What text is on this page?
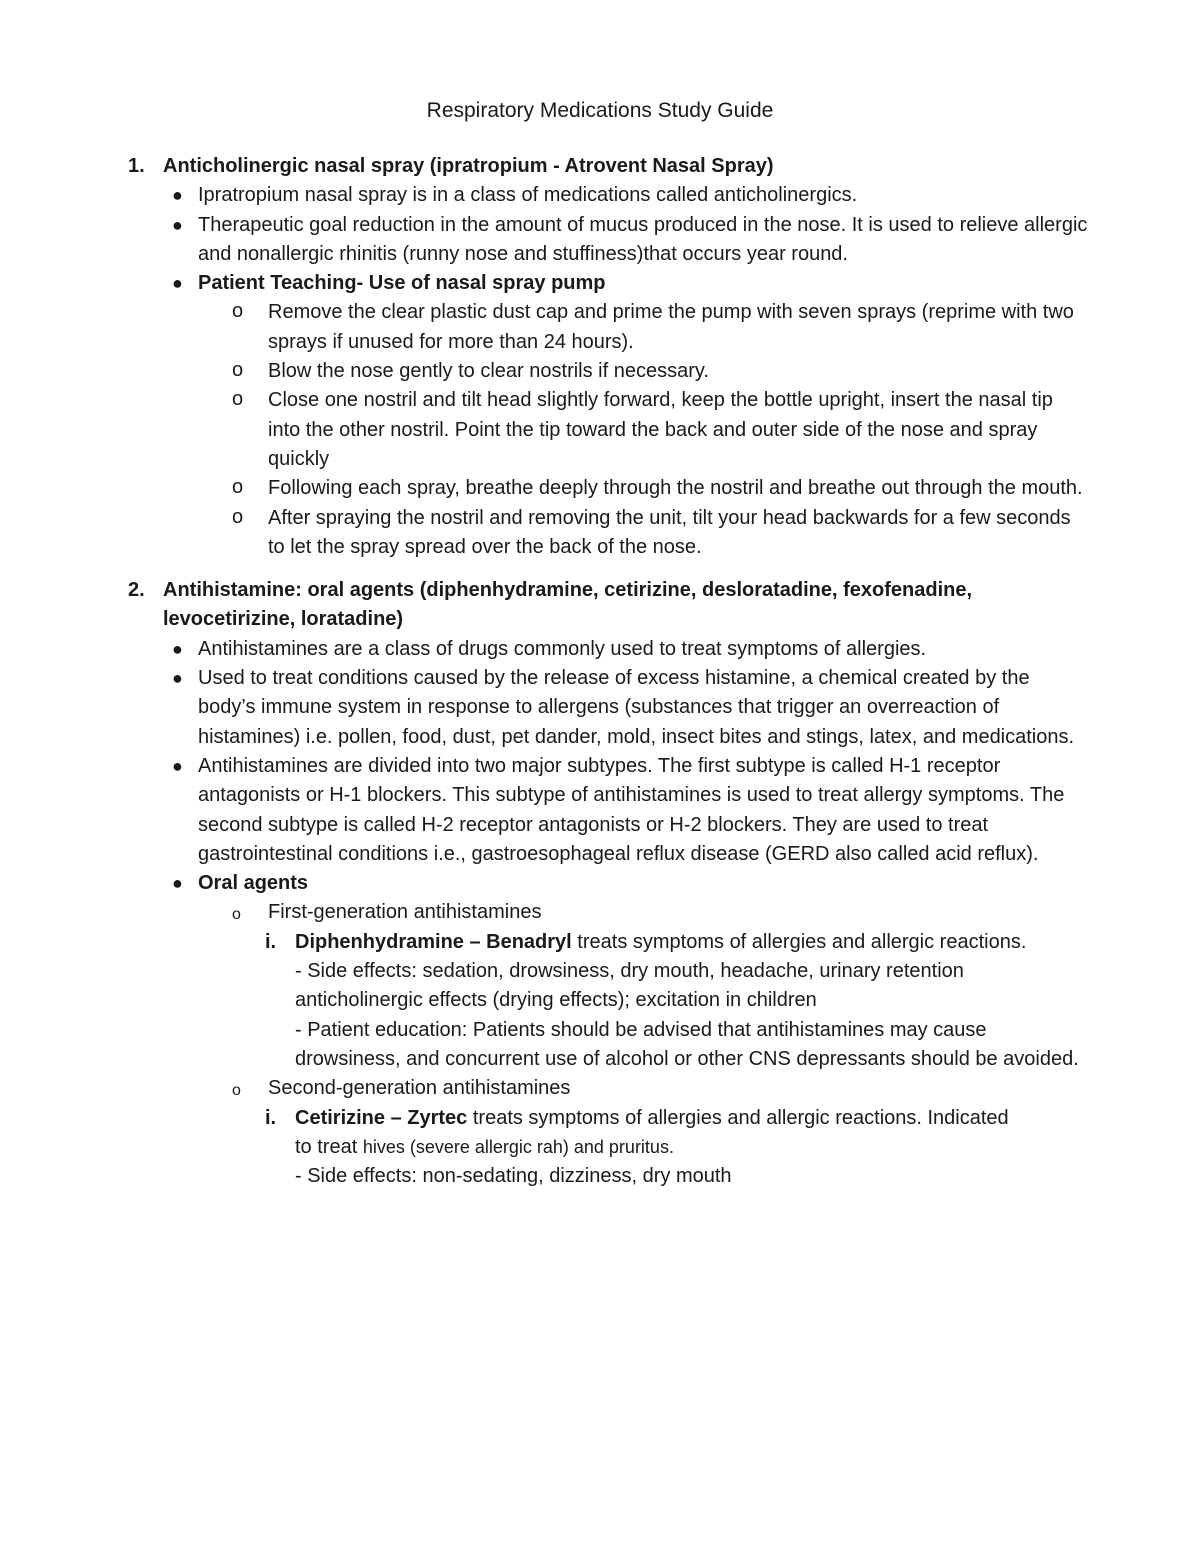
Respiratory Medications Study Guide
1. Anticholinergic nasal spray (ipratropium - Atrovent Nasal Spray)
● Ipratropium nasal spray is in a class of medications called anticholinergics.
● Therapeutic goal reduction in the amount of mucus produced in the nose. It is used to relieve allergic and nonallergic rhinitis (runny nose and stuffiness)that occurs year round.
● Patient Teaching- Use of nasal spray pump
o Remove the clear plastic dust cap and prime the pump with seven sprays (reprime with two sprays if unused for more than 24 hours).
o Blow the nose gently to clear nostrils if necessary.
o Close one nostril and tilt head slightly forward, keep the bottle upright, insert the nasal tip into the other nostril. Point the tip toward the back and outer side of the nose and spray quickly
o Following each spray, breathe deeply through the nostril and breathe out through the mouth.
o After spraying the nostril and removing the unit, tilt your head backwards for a few seconds to let the spray spread over the back of the nose.
2. Antihistamine: oral agents (diphenhydramine, cetirizine, desloratadine, fexofenadine, levocetirizine, loratadine)
● Antihistamines are a class of drugs commonly used to treat symptoms of allergies.
● Used to treat conditions caused by the release of excess histamine, a chemical created by the body’s immune system in response to allergens (substances that trigger an overreaction of histamines) i.e. pollen, food, dust, pet dander, mold, insect bites and stings, latex, and medications.
● Antihistamines are divided into two major subtypes. The first subtype is called H-1 receptor antagonists or H-1 blockers. This subtype of antihistamines is used to treat allergy symptoms. The second subtype is called H-2 receptor antagonists or H-2 blockers. They are used to treat gastrointestinal conditions i.e., gastroesophageal reflux disease (GERD also called acid reflux).
● Oral agents
o First-generation antihistamines
i. Diphenhydramine – Benadryl treats symptoms of allergies and allergic reactions.
- Side effects: sedation, drowsiness, dry mouth, headache, urinary retention anticholinergic effects (drying effects); excitation in children
- Patient education: Patients should be advised that antihistamines may cause drowsiness, and concurrent use of alcohol or other CNS depressants should be avoided.
o Second-generation antihistamines
i. Cetirizine – Zyrtec treats symptoms of allergies and allergic reactions. Indicated
to treat hives (severe allergic rah) and pruritus.
- Side effects: non-sedating, dizziness, dry mouth
